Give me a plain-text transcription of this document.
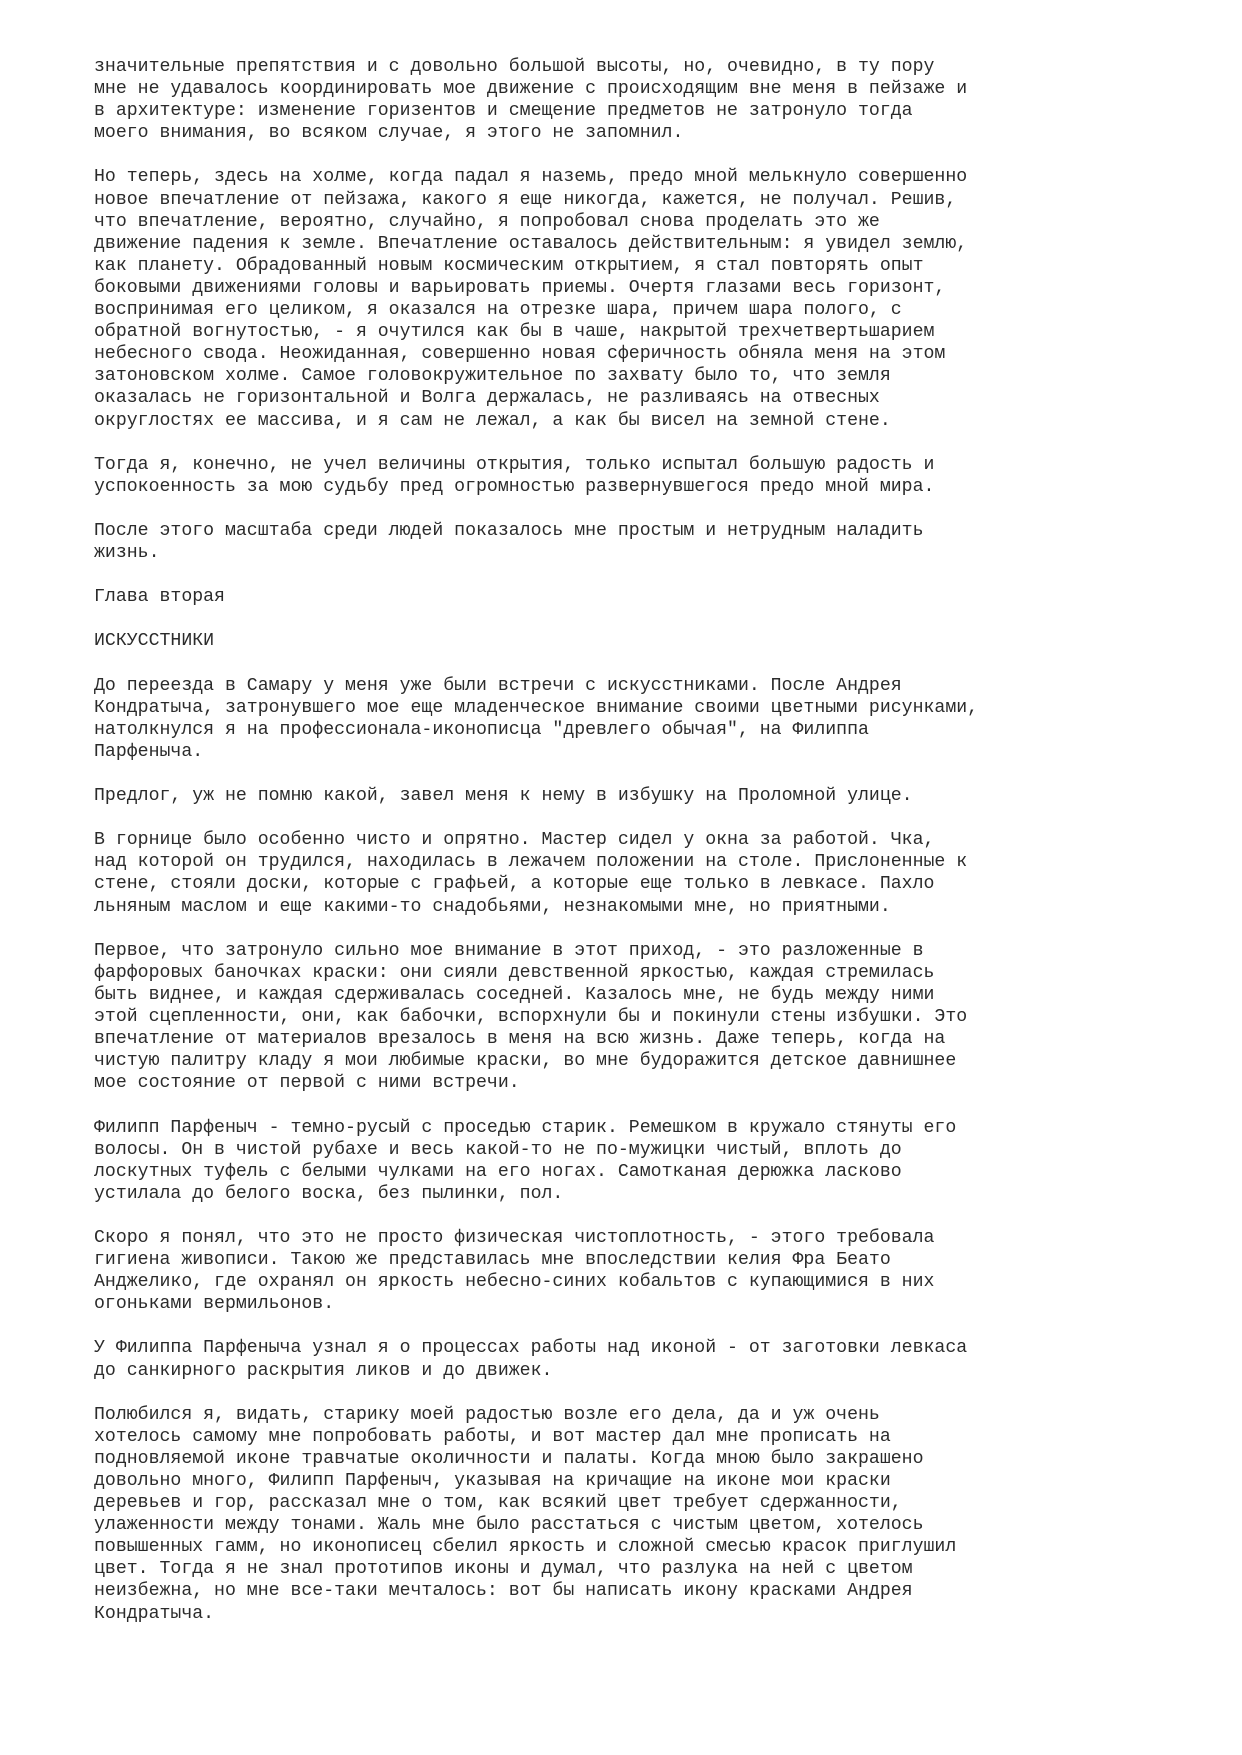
значительные препятствия и с довольно большой высоты, но, очевидно, в ту пору
мне не удавалось координировать мое движение с происходящим вне меня в пейзаже и
в архитектуре: изменение горизентов и смещение предметов не затронуло тогда
моего внимания, во всяком случае, я этого не запомнил.
Но теперь, здесь на холме, когда падал я наземь, предо мной мелькнуло совершенно
новое впечатление от пейзажа, какого я еще никогда, кажется, не получал. Решив,
что впечатление, вероятно, случайно, я попробовал снова проделать это же
движение падения к земле. Впечатление оставалось действительным: я увидел землю,
как планету. Обрадованный новым космическим открытием, я стал повторять опыт
боковыми движениями головы и варьировать приемы. Очертя глазами весь горизонт,
воспринимая его целиком, я оказался на отрезке шара, причем шара полого, с
обратной вогнутостью, - я очутился как бы в чаше, накрытой трехчетвертьшарием
небесного свода. Неожиданная, совершенно новая сферичность обняла меня на этом
затоновском холме. Самое головокружительное по захвату было то, что земля
оказалась не горизонтальной и Волга держалась, не разливаясь на отвесных
округлостях ее массива, и я сам не лежал, а как бы висел на земной стене.
Тогда я, конечно, не учел величины открытия, только испытал большую радость и
успокоенность за мою судьбу пред огромностью развернувшегося предо мной мира.
После этого масштаба среди людей показалось мне простым и нетрудным наладить
жизнь.
Глава вторая
ИСКУССТНИКИ
До переезда в Самару у меня уже были встречи с искусстниками. После Андрея
Кондратыча, затронувшего мое еще младенческое внимание своими цветными рисунками,
натолкнулся я на профессионала-иконописца "древлего обычая", на Филиппа
Парфеныча.
Предлог, уж не помню какой, завел меня к нему в избушку на Проломной улице.
В горнице было особенно чисто и опрятно. Мастер сидел у окна за работой. Чка,
над которой он трудился, находилась в лежачем положении на столе. Прислоненные к
стене, стояли доски, которые с графьей, а которые еще только в левкасе. Пахло
льняным маслом и еще какими-то снадобьями, незнакомыми мне, но приятными.
Первое, что затронуло сильно мое внимание в этот приход, - это разложенные в
фарфоровых баночках краски: они сияли девственной яркостью, каждая стремилась
быть виднее, и каждая сдерживалась соседней. Казалось мне, не будь между ними
этой сцепленности, они, как бабочки, вспорхнули бы и покинули стены избушки. Это
впечатление от материалов врезалось в меня на всю жизнь. Даже теперь, когда на
чистую палитру кладу я мои любимые краски, во мне будоражится детское давнишнее
мое состояние от первой с ними встречи.
Филипп Парфеныч - темно-русый с проседью старик. Ремешком в кружало стянуты его
волосы. Он в чистой рубахе и весь какой-то не по-мужицки чистый, вплоть до
лоскутных туфель с белыми чулками на его ногах. Самотканая дерюжка ласково
устилала до белого воска, без пылинки, пол.
Скоро я понял, что это не просто физическая чистоплотность, - этого требовала
гигиена живописи. Такою же представилась мне впоследствии келия Фра Беато
Анджелико, где охранял он яркость небесно-синих кобальтов с купающимися в них
огоньками вермильонов.
У Филиппа Парфеныча узнал я о процессах работы над иконой - от заготовки левкаса
до санкирного раскрытия ликов и до движек.
Полюбился я, видать, старику моей радостью возле его дела, да и уж очень
хотелось самому мне попробовать работы, и вот мастер дал мне прописать на
подновляемой иконе травчатые околичности и палаты. Когда мною было закрашено
довольно много, Филипп Парфеныч, указывая на кричащие на иконе мои краски
деревьев и гор, рассказал мне о том, как всякий цвет требует сдержанности,
улаженности между тонами. Жаль мне было расстаться с чистым цветом, хотелось
повышенных гамм, но иконописец сбелил яркость и сложной смесью красок приглушил
цвет. Тогда я не знал прототипов иконы и думал, что разлука на ней с цветом
неизбежна, но мне все-таки мечталось: вот бы написать икону красками Андрея
Кондратыча.
